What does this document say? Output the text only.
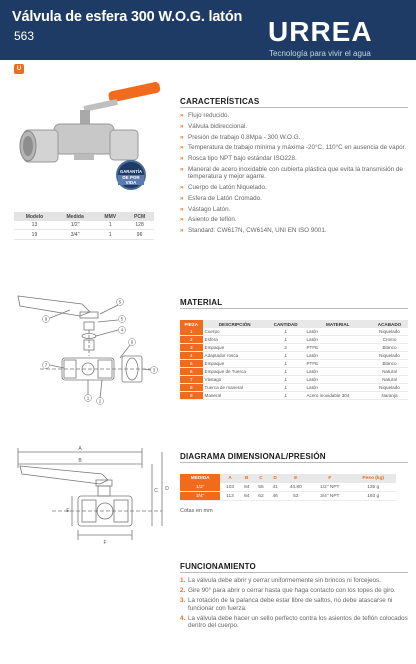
Válvula de esfera 300 W.O.G. latón
563	URREA
Tecnología para vivir el agua
U
GARANTÍA
DE POR VIDA
Modelo	Medida	MMV	PCM
13	1/2"	1	128
19	3/4"	1	96
CARACTERÍSTICAS
» Flujo reducido.
» Válvula bidireccional.
» Presión de trabajo 0.8Mpa - 300 W.O.G.
» Temperatura de trabajo mínima y máxima -20°C, 110°C en ausencia de vapor.
» Rosca tipo NPT bajo estándar ISO228.
» Maneral de acero inoxidable con cubierta plástica que evita la transmisión de temperatura y mejor agarre.
» Cuerpo de Latón Niquelado.
» Esfera de Latón Cromado.
» Vástago Latón.
» Asiento de teflón.
» Standard: CW617N, CW614N, UNI EN ISO 9001.
5
5
4
9
9
7
1
2
3
MATERIAL
PIEZA	DESCRIPCIÓN	CANTIDAD	MATERIAL	ACABADO
1	Cuerpo	1	Latón	Niquelado
2	Esfera	1	Latón	Cromo
3	Empaque	2	PTFE	Blanco
4	Adaptador rosca	1	Latón	Niquelado
5	Empaque	1	PTFE	Blanco
6	Empaque de Tuerca	1	Latón	Natural
7	Vástago	1	Latón	Natural
8	Tuerca de maneral	1	Latón	Niquelado
9	Maneral	1	Acero inoxidable 304	Naranja
A
B
C D
E
F
DIAGRAMA DIMENSIONAL/PRESIÓN
MEDIDA	A	B	C	D	E	F	Peso (kg)
1/2"	103	84	55	41	44.80	1/2" NPT	135 g
3/4"	113	84	62	46	53	3/4" NPT	193 g
Cotas en mm
FUNCIONAMIENTO
1. La válvula debe abrir y cerrar uniformemente sin brincos ni forcejeos.
2. Gire 90° para abrir o cerrar hasta que haga contacto con los topes de giro.
3. La rotación de la palanca debe estar libre de saltos, no debe atascarse ni funcionar con fuerza.
4. La válvula debe hacer un sello perfecto contra los asientos de teflón colocados dentro del cuerpo.
